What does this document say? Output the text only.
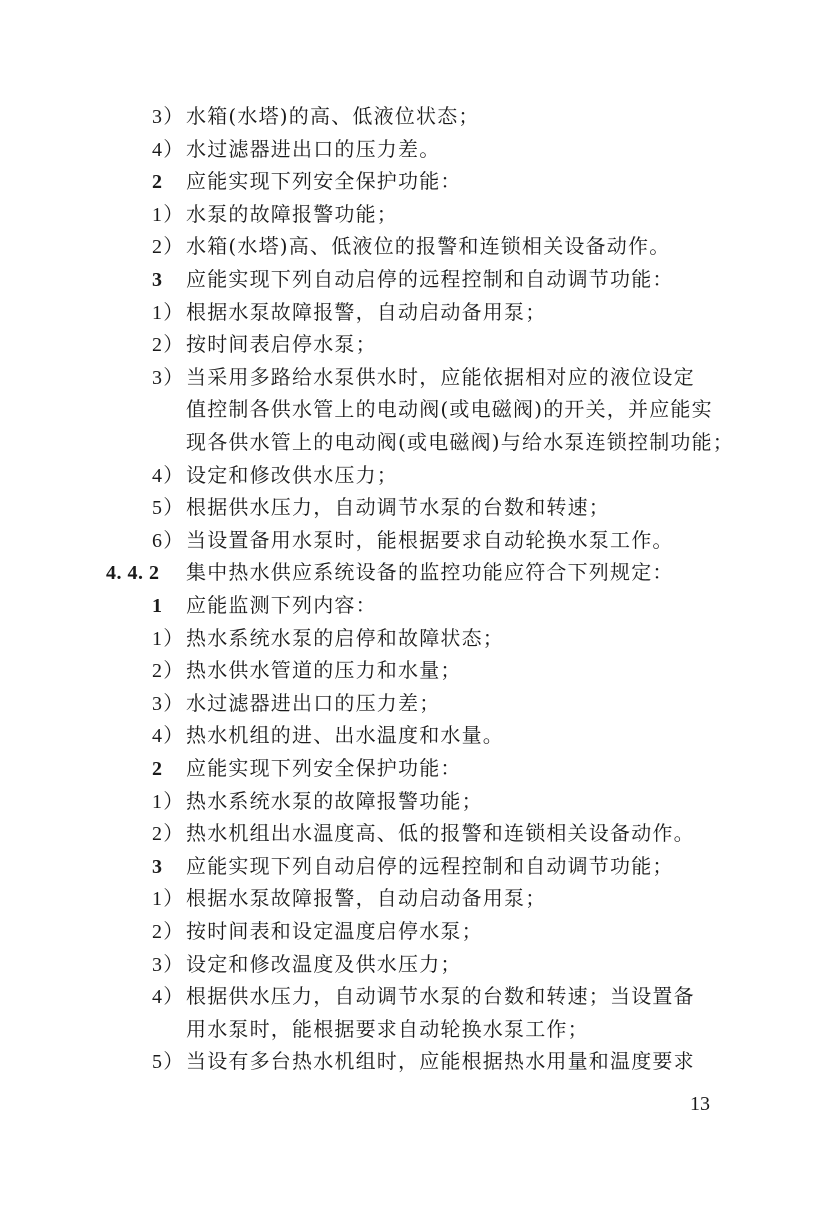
3）水箱(水塔)的高、低液位状态；
4）水过滤器进出口的压力差。
2 应能实现下列安全保护功能：
1）水泵的故障报警功能；
2）水箱(水塔)高、低液位的报警和连锁相关设备动作。
3 应能实现下列自动启停的远程控制和自动调节功能：
1）根据水泵故障报警，自动启动备用泵；
2）按时间表启停水泵；
3）当采用多路给水泵供水时，应能依据相对应的液位设定
值控制各供水管上的电动阀(或电磁阀)的开关，并应能实
现各供水管上的电动阀(或电磁阀)与给水泵连锁控制功能；
4）设定和修改供水压力；
5）根据供水压力，自动调节水泵的台数和转速；
6）当设置备用水泵时，能根据要求自动轮换水泵工作。
4. 4. 2 集中热水供应系统设备的监控功能应符合下列规定：
1 应能监测下列内容：
1）热水系统水泵的启停和故障状态；
2）热水供水管道的压力和水量；
3）水过滤器进出口的压力差；
4）热水机组的进、出水温度和水量。
2 应能实现下列安全保护功能：
1）热水系统水泵的故障报警功能；
2）热水机组出水温度高、低的报警和连锁相关设备动作。
3 应能实现下列自动启停的远程控制和自动调节功能；
1）根据水泵故障报警，自动启动备用泵；
2）按时间表和设定温度启停水泵；
3）设定和修改温度及供水压力；
4）根据供水压力，自动调节水泵的台数和转速；当设置备
用水泵时，能根据要求自动轮换水泵工作；
5）当设有多台热水机组时，应能根据热水用量和温度要求
13
